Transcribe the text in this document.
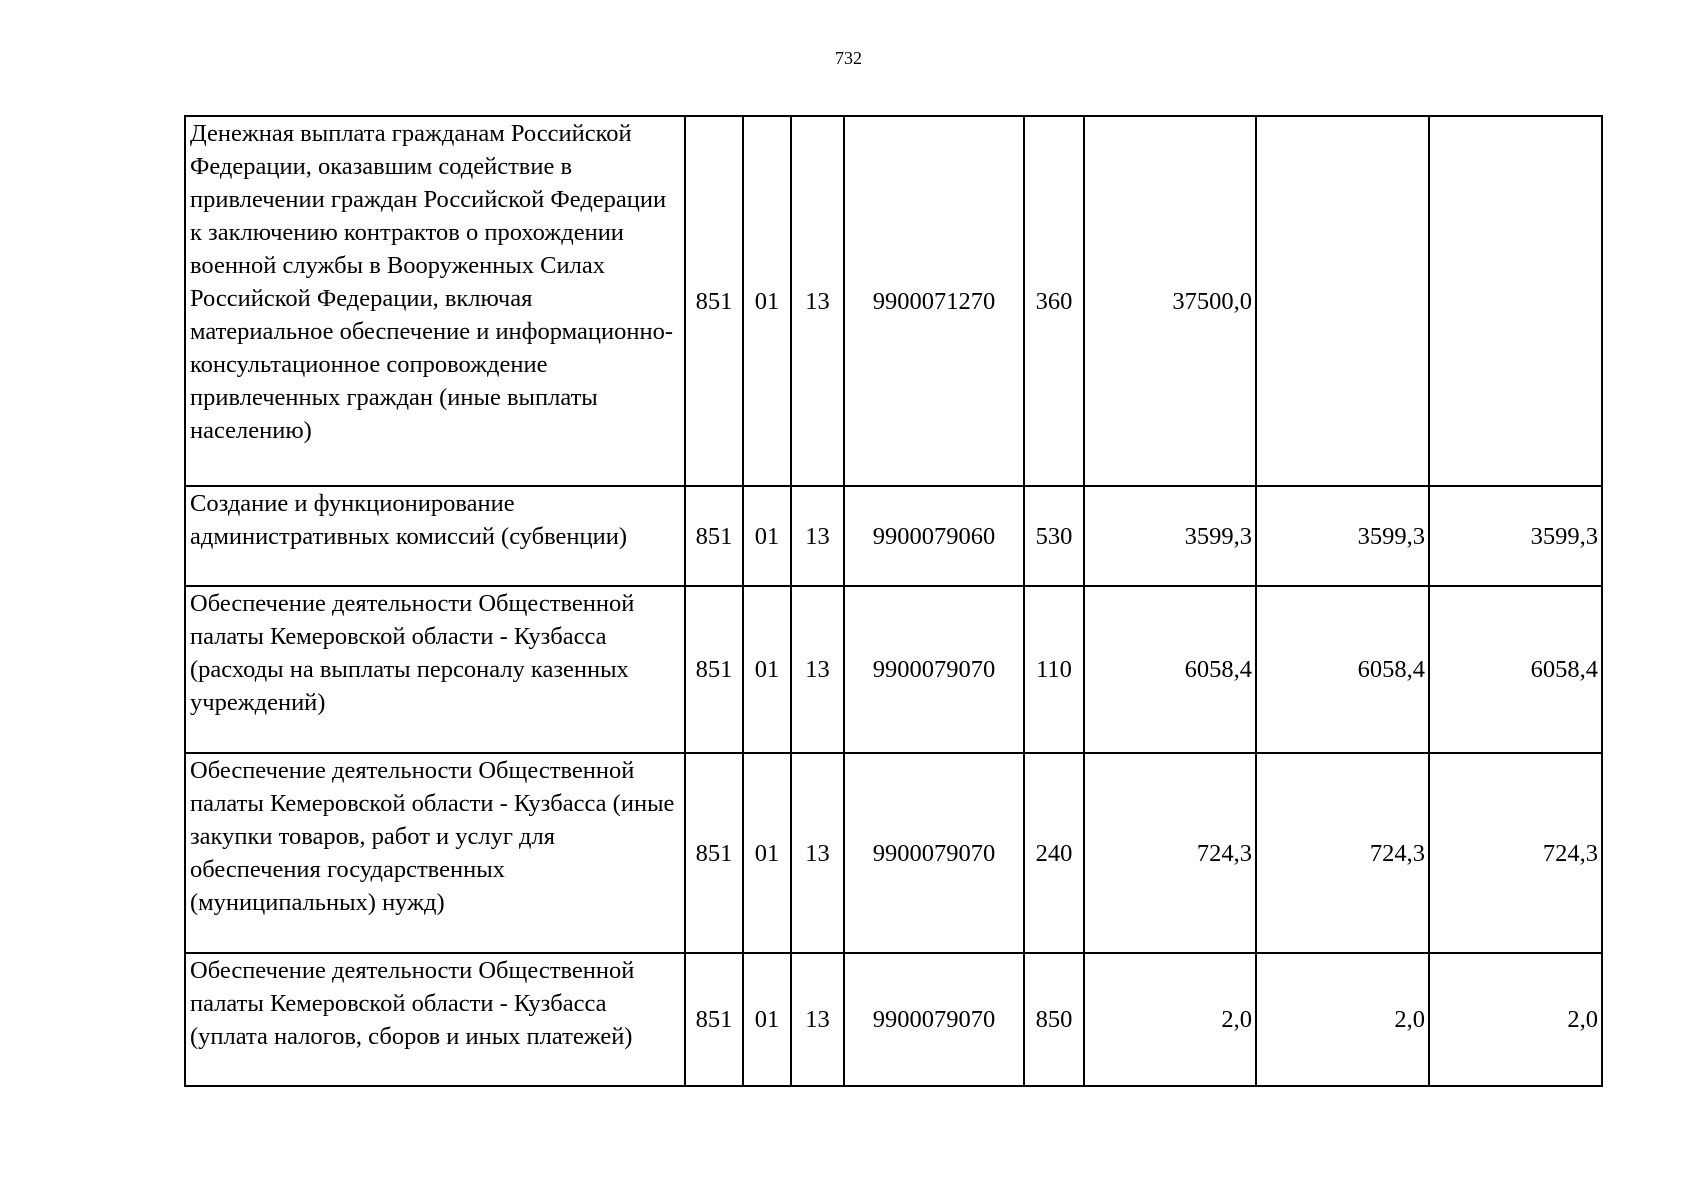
732
Денежная выплата гражданам Российской Федерации, оказавшим содействие в привлечении граждан Российской Федерации к заключению контрактов о прохождении военной службы в Вооруженных Силах Российской Федерации, включая материальное обеспечение и информационно-консультационное сопровождение привлеченных граждан (иные выплаты населению)	851	01	13	9900071270	360	37500,0		
Создание и функционирование административных комиссий (субвенции)	851	01	13	9900079060	530	3599,3	3599,3	3599,3
Обеспечение деятельности Общественной палаты Кемеровской области - Кузбасса (расходы на выплаты персоналу казенных учреждений)	851	01	13	9900079070	110	6058,4	6058,4	6058,4
Обеспечение деятельности Общественной палаты Кемеровской области - Кузбасса (иные закупки товаров, работ и услуг для обеспечения государственных (муниципальных) нужд)	851	01	13	9900079070	240	724,3	724,3	724,3
Обеспечение деятельности Общественной палаты Кемеровской области - Кузбасса (уплата налогов, сборов и иных платежей)	851	01	13	9900079070	850	2,0	2,0	2,0
